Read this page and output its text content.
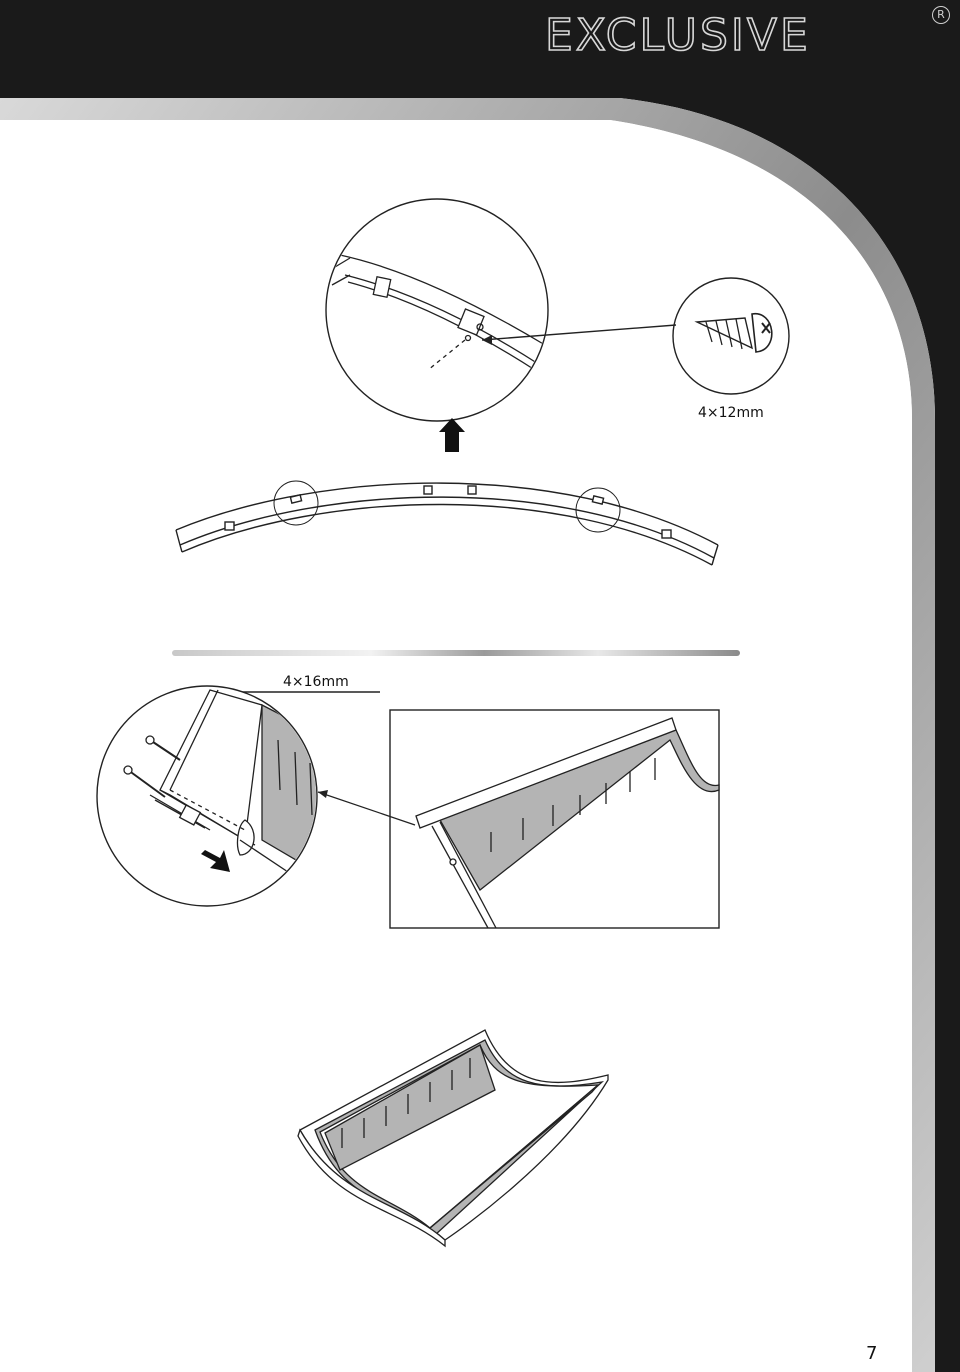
EXCLUSIVE	R
4×12mm
4×16mm
7
